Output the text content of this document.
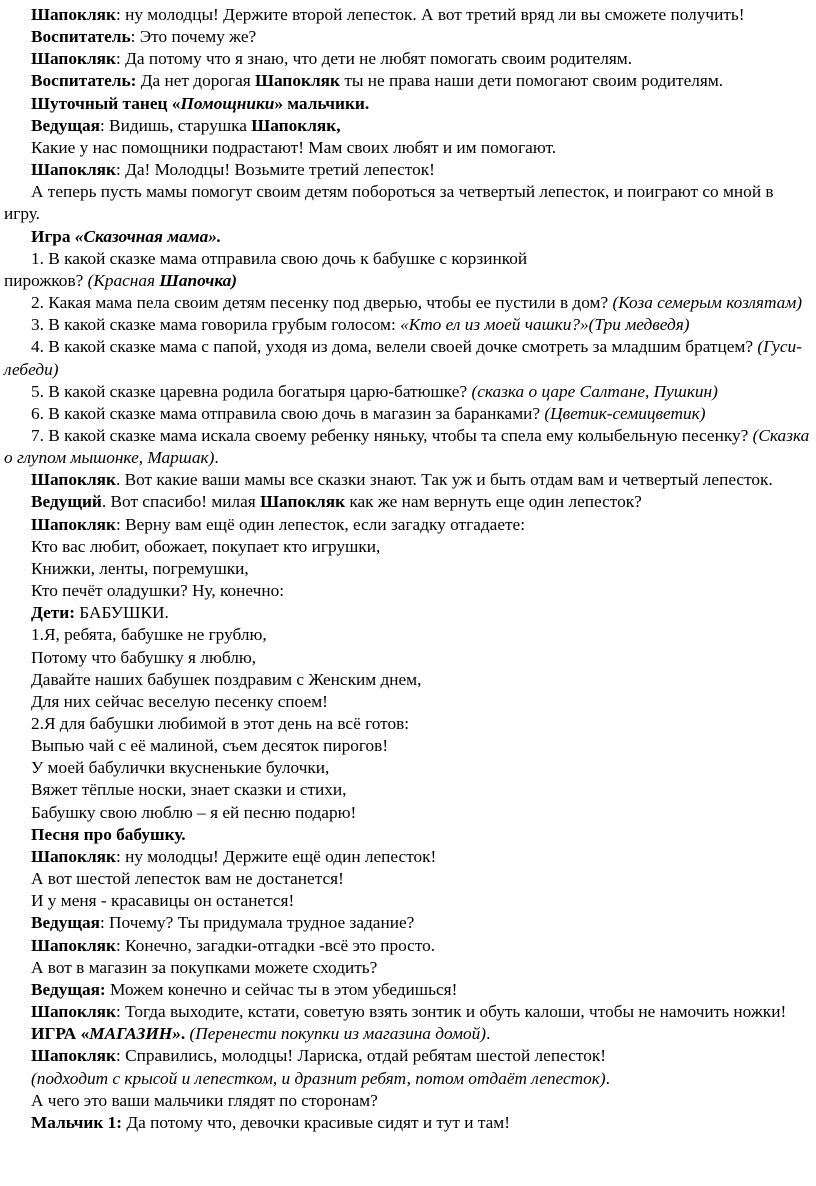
Шапокляк: ну молодцы! Держите второй лепесток. А вот третий вряд ли вы сможете получить!

Воспитатель: Это почему же?

Шапокляк: Да потому что я знаю, что дети не любят помогать своим родителям.

Воспитатель: Да нет дорогая Шапокляк ты не права наши дети помогают своим родителям.

Шуточный танец «Помощники» мальчики.

Ведущая: Видишь, старушка Шапокляк,

Какие у нас помощники подрастают! Мам своих любят и им помогают.

Шапокляк: Да! Молодцы! Возьмите третий лепесток!

А теперь пусть мамы помогут своим детям побороться за четвертый лепесток, и поиграют со мной в игру.

Игра «Сказочная мама».

1. В какой сказке мама отправила свою дочь к бабушке с корзинкой

пирожков? (Красная Шапочка)

2. Какая мама пела своим детям песенку под дверью, чтобы ее пустили в дом? (Коза семерым козлятам)

3. В какой сказке мама говорила грубым голосом: «Кто ел из моей чашки?»(Три медведя)

4. В какой сказке мама с папой, уходя из дома, велели своей дочке смотреть за младшим братцем? (Гуси-лебеди)

5. В какой сказке царевна родила богатыря царю-батюшке? (сказка о царе Салтане, Пушкин)

6. В какой сказке мама отправила свою дочь в магазин за баранками? (Цветик-семицветик)

7. В какой сказке мама искала своему ребенку няньку, чтобы та спела ему колыбельную песенку? (Сказка о глупом мышонке, Маршак).

Шапокляк. Вот какие ваши мамы все сказки знают. Так уж и быть отдам вам и четвертый лепесток.

Ведущий. Вот спасибо! милая Шапокляк как же нам вернуть еще один лепесток?

Шапокляк: Верну вам ещё один лепесток, если загадку отгадаете:

Кто вас любит, обожает, покупает кто игрушки,

Книжки, ленты, погремушки,

Кто печёт оладушки? Ну, конечно:

Дети: БАБУШКИ.

1.Я, ребята, бабушке не грублю,

Потому что бабушку я люблю,

Давайте наших бабушек поздравим с Женским днем,

Для них сейчас веселую песенку споем!

2.Я для бабушки любимой в этот день на всё готов:

Выпью чай с её малиной, съем десяток пирогов!

У моей бабулички вкусненькие булочки,

Вяжет тёплые носки, знает сказки и стихи,

Бабушку свою люблю – я ей песню подарю!

Песня про бабушку.

Шапокляк: ну молодцы! Держите ещё один лепесток!

А вот шестой лепесток вам не достанется!

И у меня - красавицы он останется!

Ведущая: Почему? Ты придумала трудное задание?

Шапокляк: Конечно, загадки-отгадки -всё это просто.

А вот в магазин за покупками можете сходить?

Ведущая: Можем конечно и сейчас ты в этом убедишься!

Шапокляк: Тогда выходите, кстати, советую взять зонтик и обуть калоши, чтобы не намочить ножки!

ИГРА «МАГАЗИН». (Перенести покупки из магазина домой).

Шапокляк: Справились, молодцы! Лариска, отдай ребятам шестой лепесток!

(подходит с крысой и лепестком, и дразнит ребят, потом отдаёт лепесток).

А чего это ваши мальчики глядят по сторонам?

Мальчик 1: Да потому что, девочки красивые сидят и тут и там!
